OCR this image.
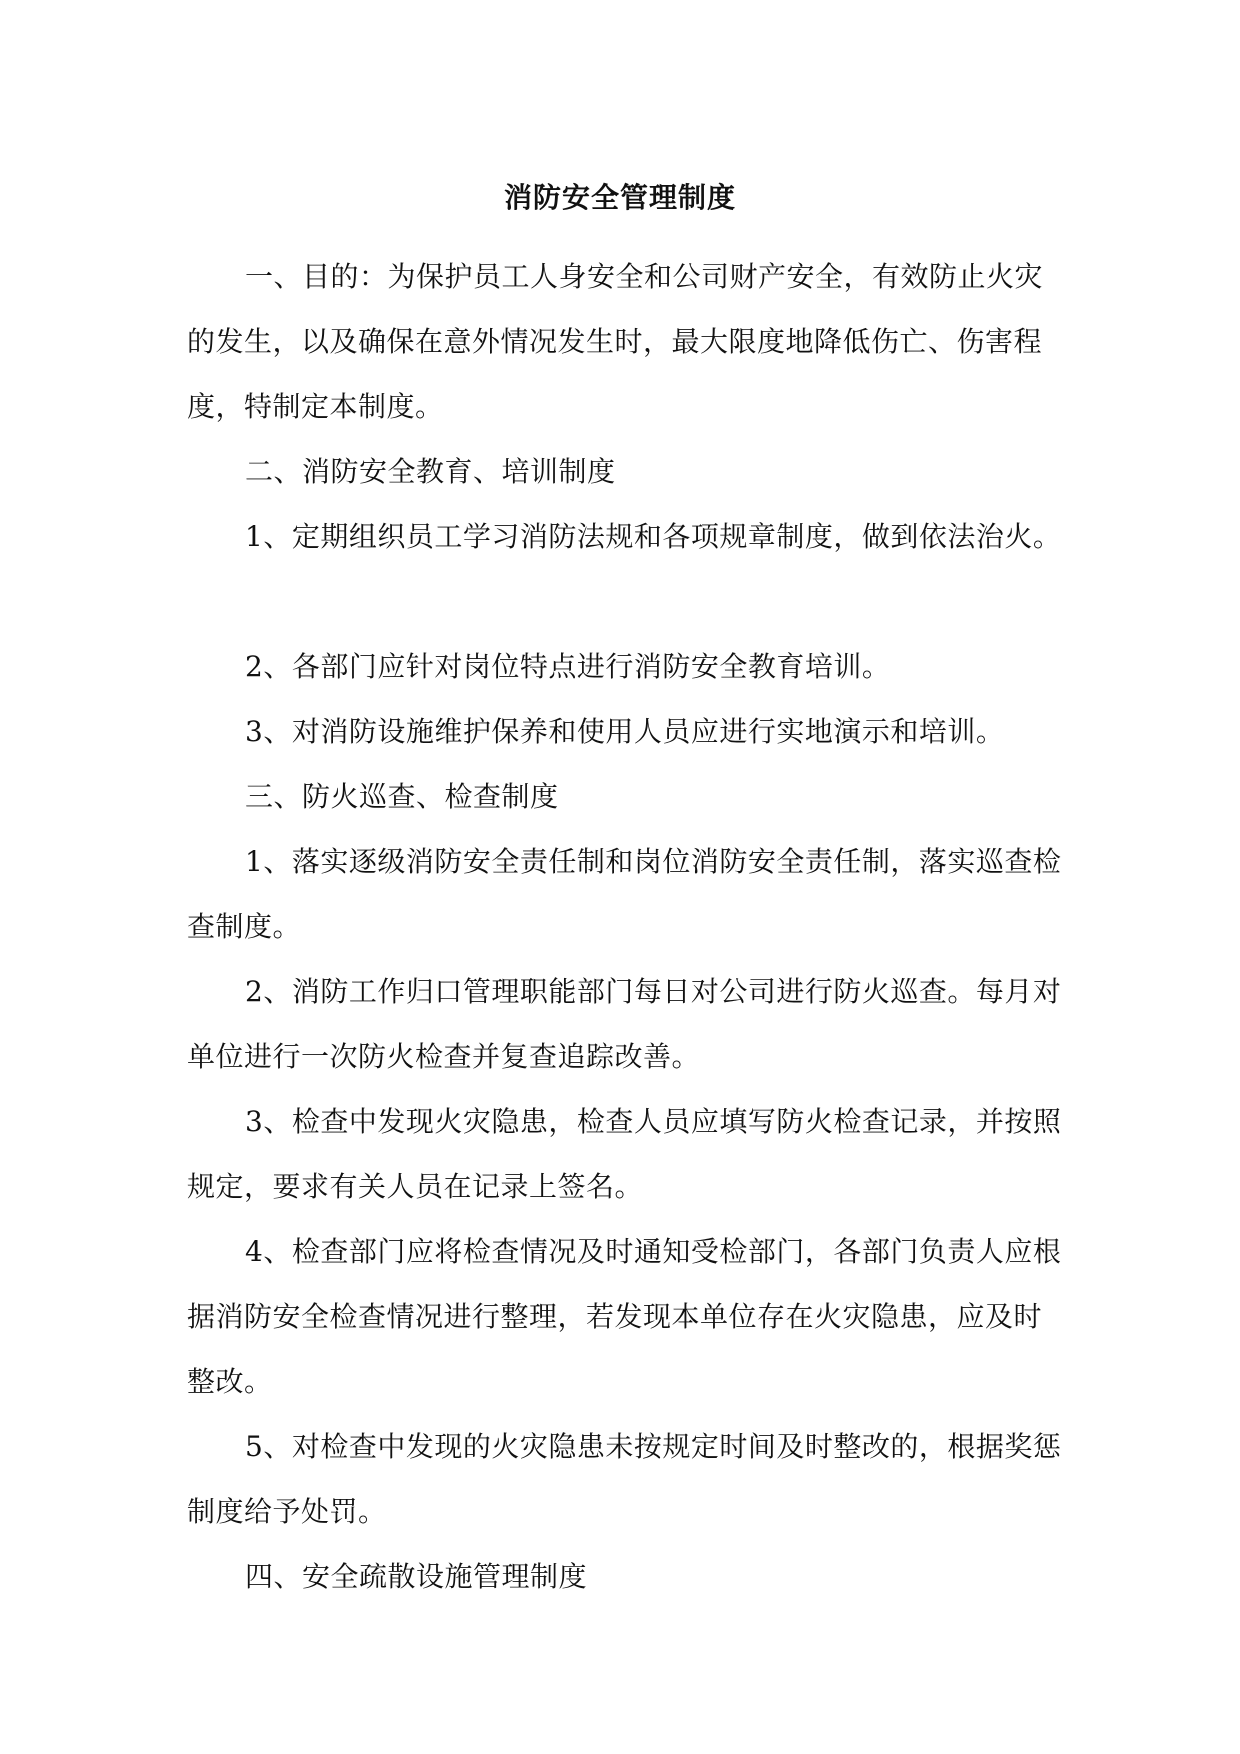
消防安全管理制度

一、目的：为保护员工人身安全和公司财产安全，有效防止火灾的发生，以及确保在意外情况发生时，最大限度地降低伤亡、伤害程度，特制定本制度。

二、消防安全教育、培训制度

1、定期组织员工学习消防法规和各项规章制度，做到依法治火。

2、各部门应针对岗位特点进行消防安全教育培训。

3、对消防设施维护保养和使用人员应进行实地演示和培训。

三、防火巡查、检查制度

1、落实逐级消防安全责任制和岗位消防安全责任制，落实巡查检查制度。

2、消防工作归口管理职能部门每日对公司进行防火巡查。每月对单位进行一次防火检查并复查追踪改善。

3、检查中发现火灾隐患，检查人员应填写防火检查记录，并按照规定，要求有关人员在记录上签名。

4、检查部门应将检查情况及时通知受检部门，各部门负责人应根据消防安全检查情况进行整理，若发现本单位存在火灾隐患，应及时整改。

5、对检查中发现的火灾隐患未按规定时间及时整改的，根据奖惩制度给予处罚。

四、安全疏散设施管理制度
